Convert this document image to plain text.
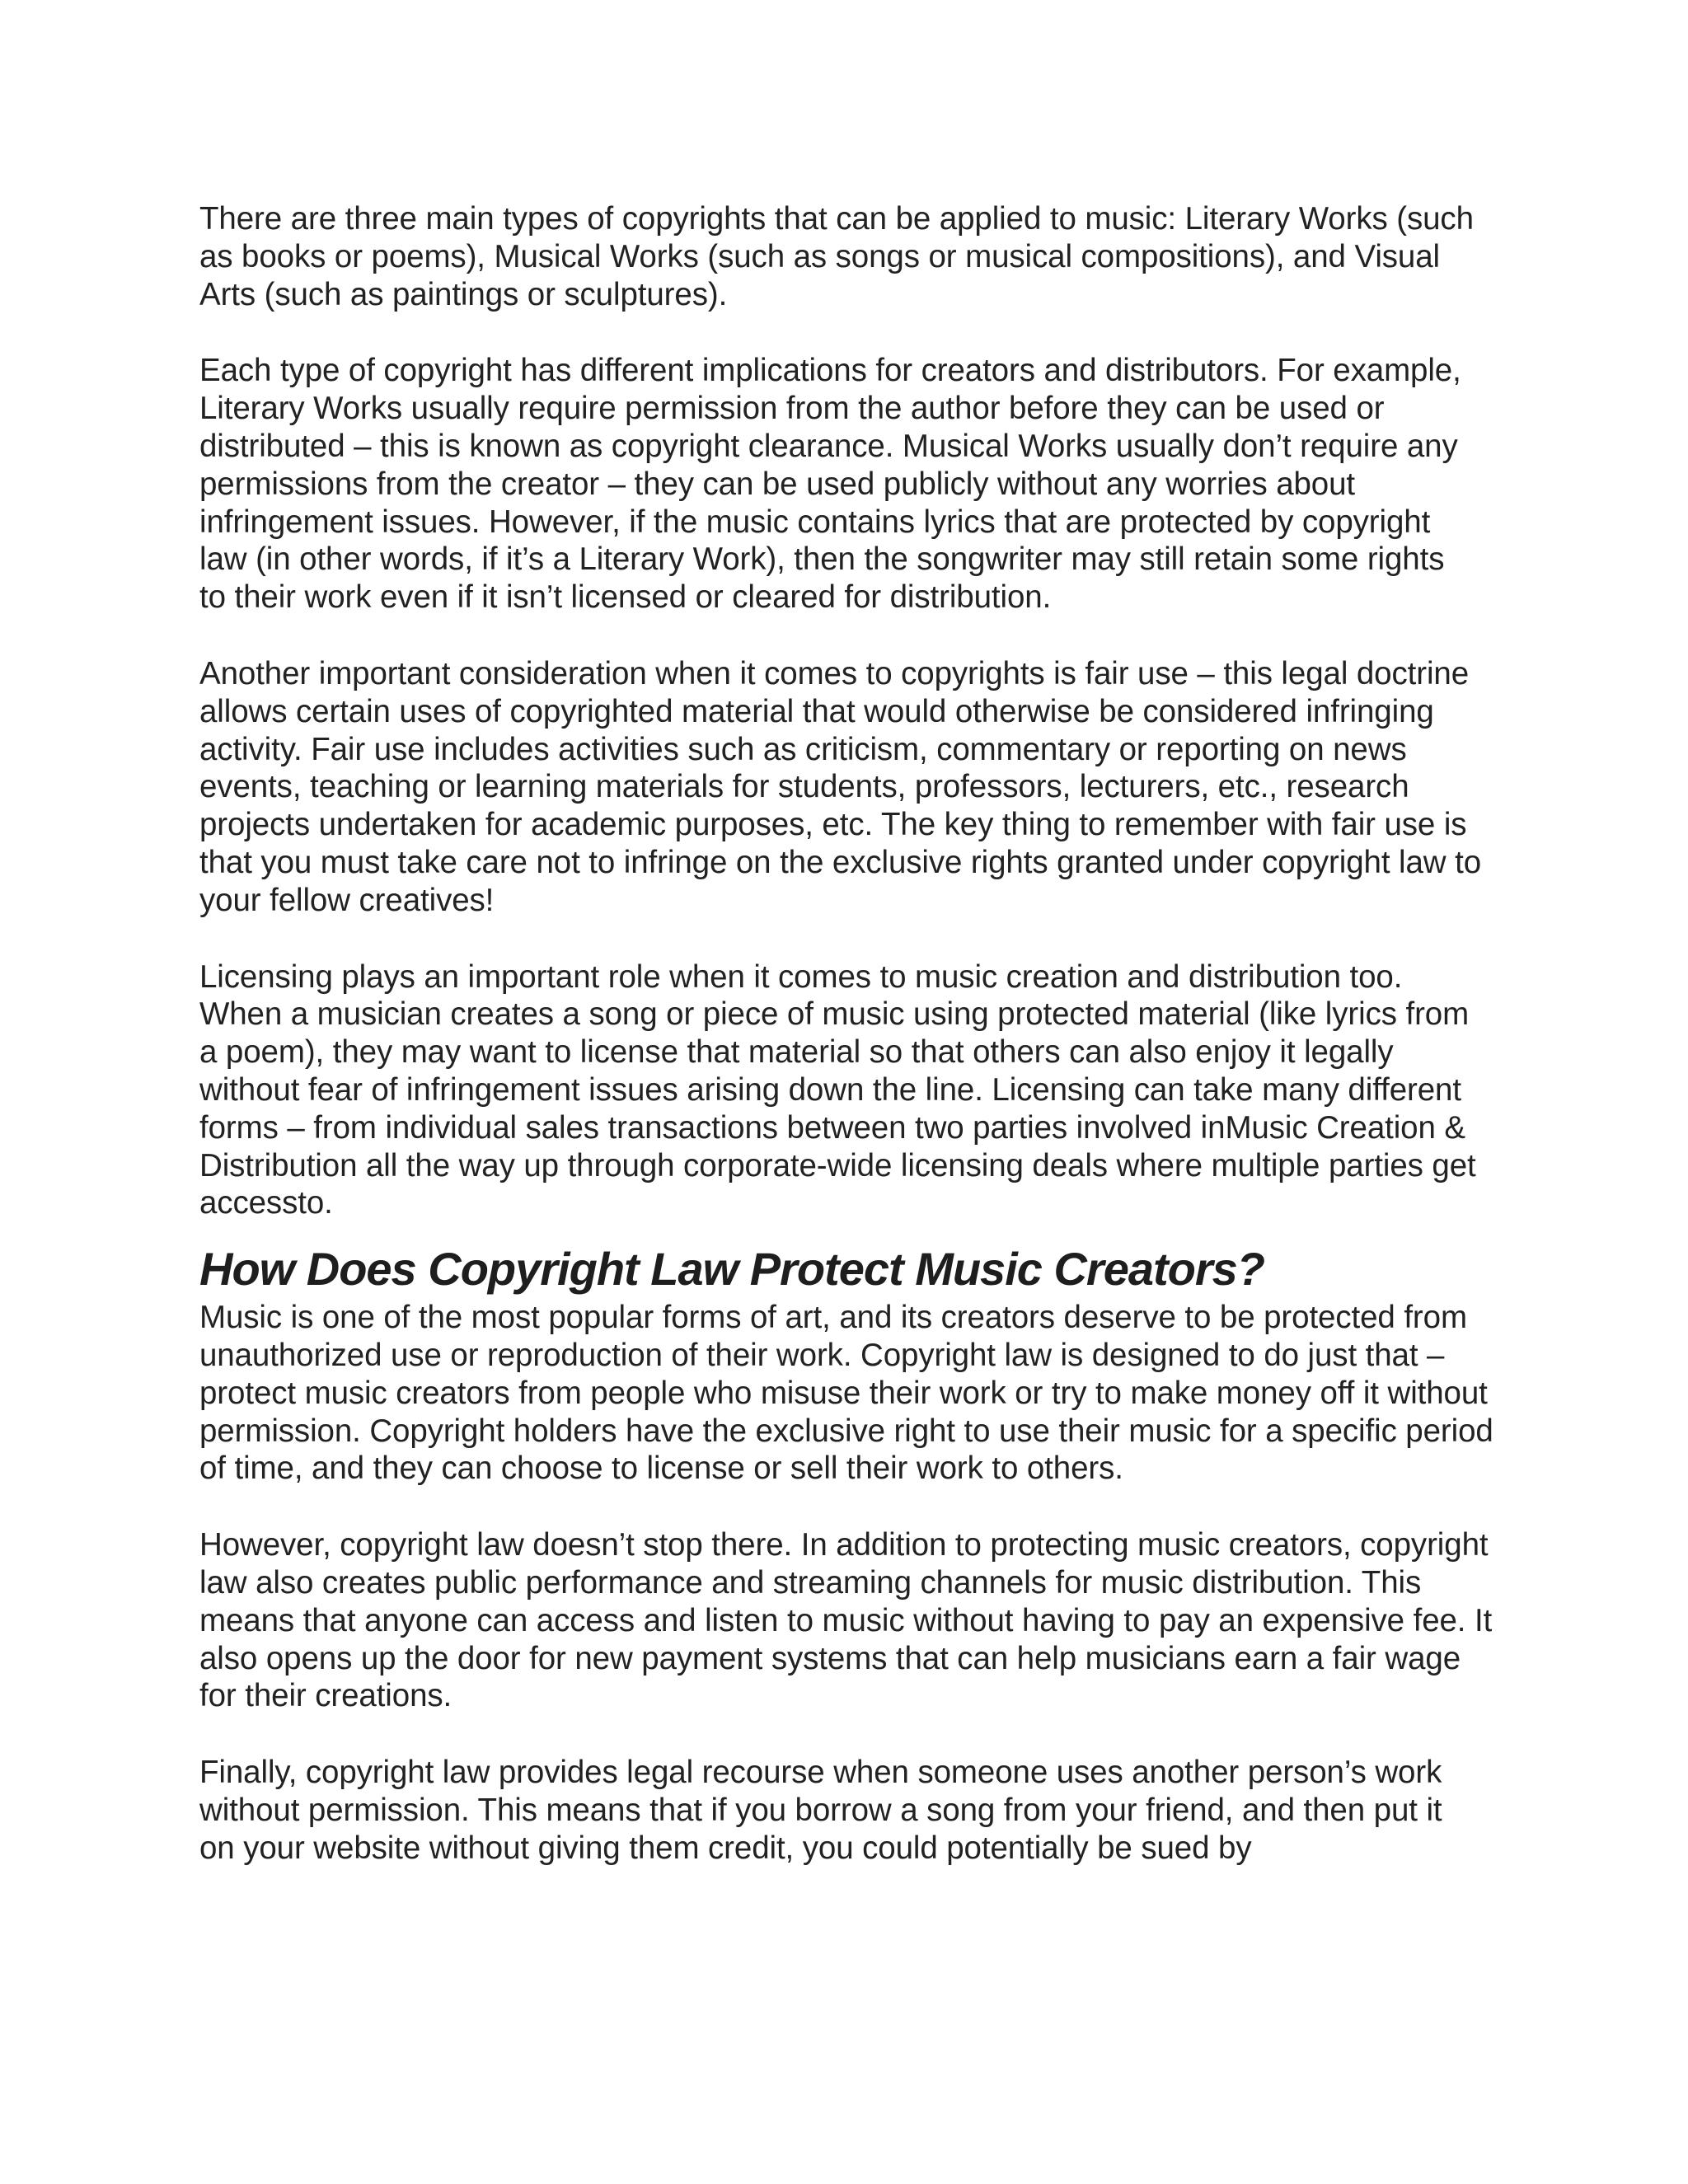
There are three main types of copyrights that can be applied to music: Literary Works (such as books or poems), Musical Works (such as songs or musical compositions), and Visual Arts (such as paintings or sculptures).

Each type of copyright has different implications for creators and distributors. For example, Literary Works usually require permission from the author before they can be used or distributed – this is known as copyright clearance. Musical Works usually don’t require any permissions from the creator – they can be used publicly without any worries about infringement issues. However, if the music contains lyrics that are protected by copyright law (in other words, if it’s a Literary Work), then the songwriter may still retain some rights to their work even if it isn’t licensed or cleared for distribution.

Another important consideration when it comes to copyrights is fair use – this legal doctrine allows certain uses of copyrighted material that would otherwise be considered infringing activity. Fair use includes activities such as criticism, commentary or reporting on news events, teaching or learning materials for students, professors, lecturers, etc., research projects undertaken for academic purposes, etc. The key thing to remember with fair use is that you must take care not to infringe on the exclusive rights granted under copyright law to your fellow creatives!

Licensing plays an important role when it comes to music creation and distribution too. When a musician creates a song or piece of music using protected material (like lyrics from a poem), they may want to license that material so that others can also enjoy it legally without fear of infringement issues arising down the line. Licensing can take many different forms – from individual sales transactions between two parties involved inMusic Creation & Distribution all the way up through corporate-wide licensing deals where multiple parties get accessto.

How Does Copyright Law Protect Music Creators?

Music is one of the most popular forms of art, and its creators deserve to be protected from unauthorized use or reproduction of their work. Copyright law is designed to do just that – protect music creators from people who misuse their work or try to make money off it without permission. Copyright holders have the exclusive right to use their music for a specific period of time, and they can choose to license or sell their work to others.

However, copyright law doesn’t stop there. In addition to protecting music creators, copyright law also creates public performance and streaming channels for music distribution. This means that anyone can access and listen to music without having to pay an expensive fee. It also opens up the door for new payment systems that can help musicians earn a fair wage for their creations.

Finally, copyright law provides legal recourse when someone uses another person’s work without permission. This means that if you borrow a song from your friend, and then put it on your website without giving them credit, you could potentially be sued by
